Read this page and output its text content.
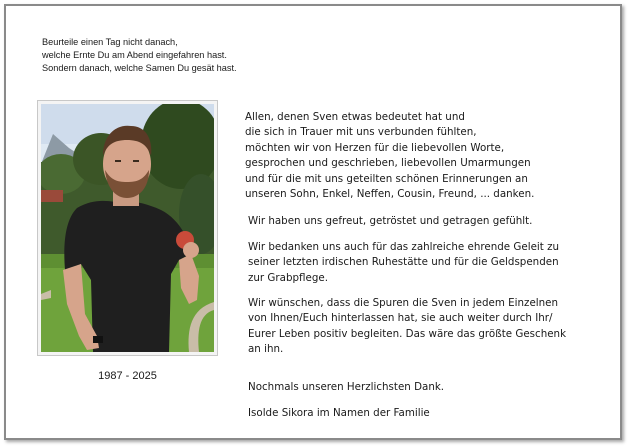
Beurteile einen Tag nicht danach,
welche Ernte Du am Abend eingefahren hast.
Sondern danach, welche Samen Du gesät hast.
1987 - 2025
Allen, denen Sven etwas bedeutet hat und
die sich in Trauer mit uns verbunden fühlten,
möchten wir von Herzen für die liebevollen Worte,
gesprochen und geschrieben, liebevollen Umarmungen
und für die mit uns geteilten schönen Erinnerungen an
unseren Sohn, Enkel, Neffen, Cousin, Freund, ... danken.
Wir haben uns gefreut, getröstet und getragen gefühlt.
Wir bedanken uns auch für das zahlreiche ehrende Geleit zu
seiner letzten irdischen Ruhestätte und für die Geldspenden
zur Grabpflege.
Wir wünschen, dass die Spuren die Sven in jedem Einzelnen
von Ihnen/Euch hinterlassen hat, sie auch weiter durch Ihr/
Eurer Leben positiv begleiten. Das wäre das größte Geschenk
an ihn.
Nochmals unseren Herzlichsten Dank.
Isolde Sikora im Namen der Familie
